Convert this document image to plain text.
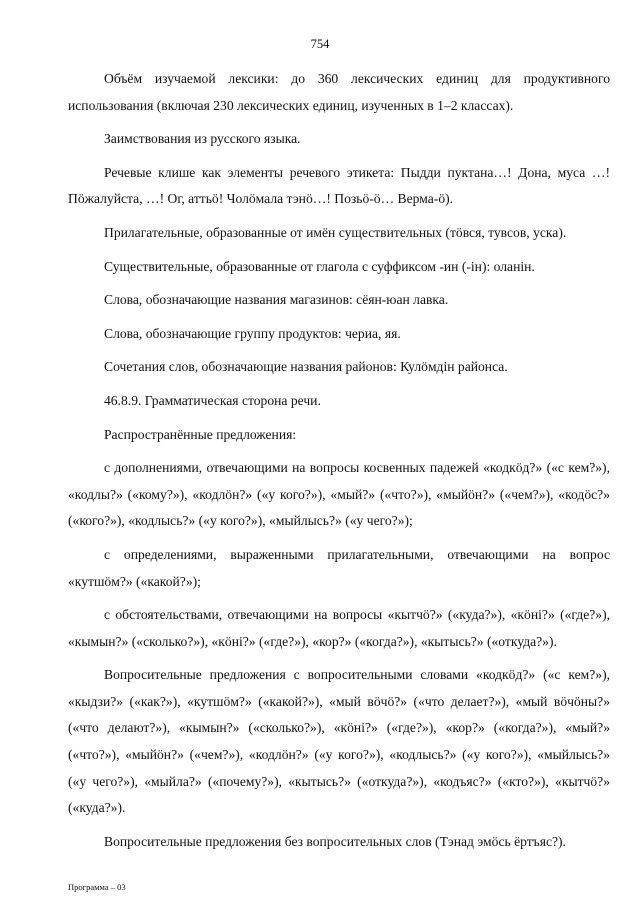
754

Объём изучаемой лексики: до 360 лексических единиц для продуктивного использования (включая 230 лексических единиц, изученных в 1–2 классах).

Заимствования из русского языка.

Речевые клише как элементы речевого этикета: Пыдди пуктана…! Дона, муса …! Пӧжалуйста, …! Ог, аттьӧ! Чолӧмала тэнӧ…! Позьӧ-ӧ… Верма-ӧ).

Прилагательные, образованные от имён существительных (тӧвся, тувсов, уска).

Существительные, образованные от глагола с суффиксом -ин (-iн): оланiн.

Слова, обозначающие названия магазинов: сёян-юан лавка.

Слова, обозначающие группу продуктов: чериа, яя.

Сочетания слов, обозначающие названия районов: Кулӧмдiн районса.

46.8.9. Грамматическая сторона речи.

Распространённые предложения:

с дополнениями, отвечающими на вопросы косвенных падежей «кодкӧд?» («с кем?»), «кодлы?» («кому?»), «кодлӧн?» («у кого?»), «мый?» («что?»), «мыйӧн?» («чем?»), «кодӧс?» («кого?»), «кодлысь?» («у кого?»), «мыйлысь?» («у чего?»);

с определениями, выраженными прилагательными, отвечающими на вопрос «кутшӧм?» («какой?»);

с обстоятельствами, отвечающими на вопросы «кытчӧ?» («куда?»), «кӧнi?» («где?»), «кымын?» («сколько?»), «кӧнi?» («где?»), «кор?» («когда?»), «кытысь?» («откуда?»).

Вопросительные предложения с вопросительными словами «кодкӧд?» («с кем?»), «кыдзи?» («как?»), «кутшӧм?» («какой?»), «мый вӧчӧ?» («что делает?»), «мый вӧчӧны?» («что делают?»), «кымын?» («сколько?»), «кӧнi?» («где?»), «кор?» («когда?»), «мый?» («что?»), «мыйӧн?» («чем?»), «кодлӧн?» («у кого?»), «кодлысь?» («у кого?»), «мыйлысь?» («у чего?»), «мыйла?» («почему?»), «кытысь?» («откуда?»), «кодъяс?» («кто?»), «кытчӧ?» («куда?»).

Вопросительные предложения без вопросительных слов (Тэнад эмӧсь ёртъяс?).

Программа – 03
